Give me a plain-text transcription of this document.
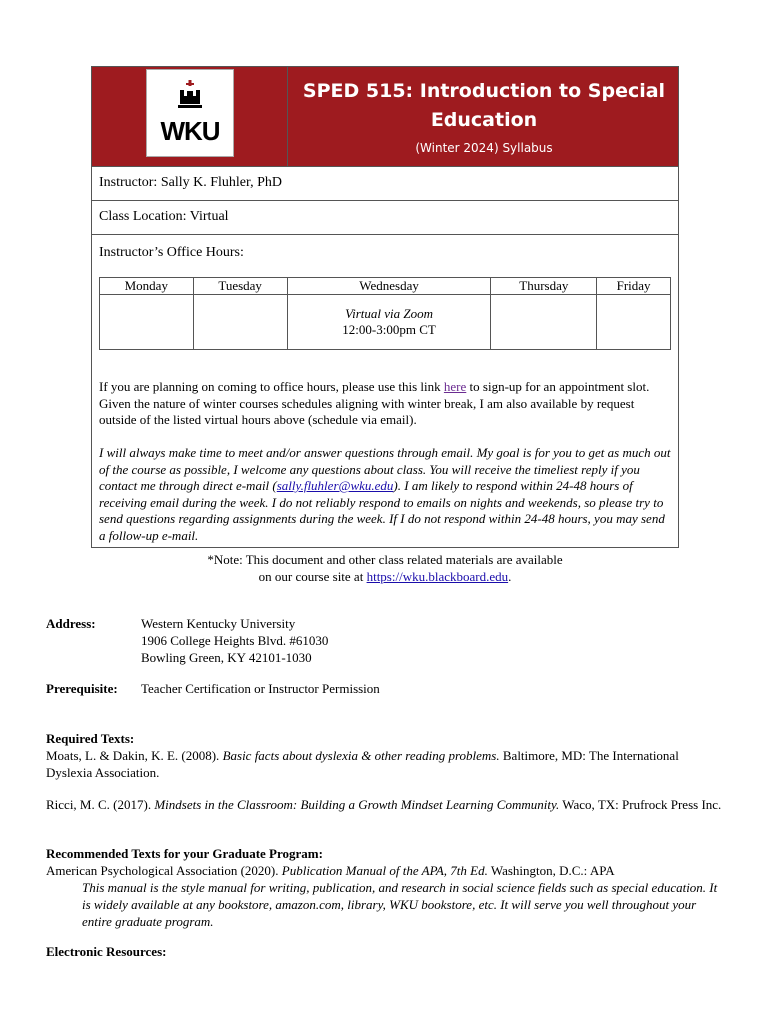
WKU
SPED 515: Introduction to Special Education
(Winter 2024) Syllabus
Instructor: Sally K. Fluhler, PhD
Class Location: Virtual
Instructor’s Office Hours:
Monday	Tuesday	Wednesday	Thursday	Friday

		Virtual via Zoom
12:00-3:00pm CT		

If you are planning on coming to office hours, please use this link here to sign-up for an appointment slot. Given the nature of winter courses schedules aligning with winter break, I am also available by request outside of the listed virtual hours above (schedule via email).
I will always make time to meet and/or answer questions through email. My goal is for you to get as much out of the course as possible, I welcome any questions about class. You will receive the timeliest reply if you contact me through direct e-mail (sally.fluhler@wku.edu). I am likely to respond within 24-48 hours of receiving email during the week. I do not reliably respond to emails on nights and weekends, so please try to send questions regarding assignments during the week. If I do not respond within 24-48 hours, you may send a follow-up e-mail.
*Note: This document and other class related materials are available
on our course site at https://wku.blackboard.edu.
Address:	Western Kentucky University
1906 College Heights Blvd. #61030
Bowling Green, KY 42101-1030
Prerequisite: Teacher Certification or Instructor Permission
Required Texts:
Moats, L. & Dakin, K. E. (2008). Basic facts about dyslexia & other reading problems. Baltimore, MD: The International Dyslexia Association.
Ricci, M. C. (2017). Mindsets in the Classroom: Building a Growth Mindset Learning Community. Waco, TX: Prufrock Press Inc.
Recommended Texts for your Graduate Program:
American Psychological Association (2020). Publication Manual of the APA, 7th Ed. Washington, D.C.: APA
This manual is the style manual for writing, publication, and research in social science fields such as special education. It is widely available at any bookstore, amazon.com, library, WKU bookstore, etc. It will serve you well throughout your entire graduate program.
Electronic Resources:
